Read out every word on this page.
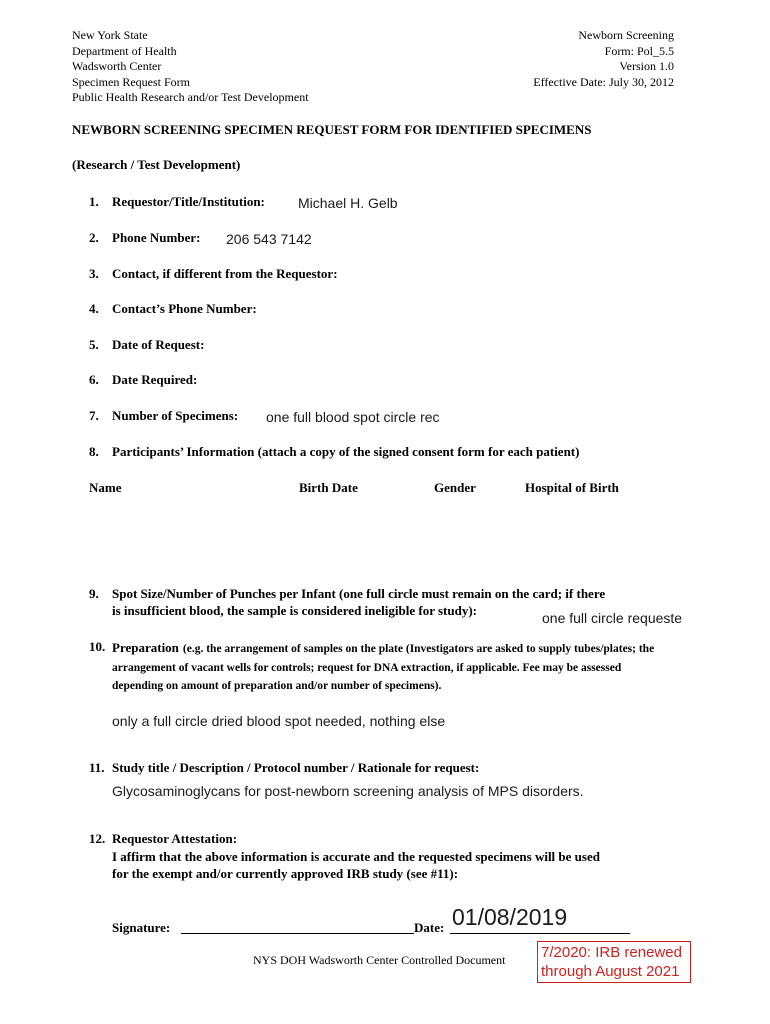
New York State
Department of Health
Wadsworth Center
Specimen Request Form
Public Health Research and/or Test Development
Newborn Screening
Form: Pol_5.5
Version 1.0
Effective Date: July 30, 2012
NEWBORN SCREENING SPECIMEN REQUEST FORM FOR IDENTIFIED SPECIMENS
(Research / Test Development)
1. Requestor/Title/Institution: Michael H. Gelb
2. Phone Number: 206 543 7142
3. Contact, if different from the Requestor:
4. Contact’s Phone Number:
5. Date of Request:
6. Date Required:
7. Number of Specimens: one full blood spot circle rec
8. Participants’ Information (attach a copy of the signed consent form for each patient)
Name	Birth Date	Gender	Hospital of Birth
9. Spot Size/Number of Punches per Infant (one full circle must remain on the card; if there
is insufficient blood, the sample is considered ineligible for study):	one full circle requeste
10. Preparation (e.g. the arrangement of samples on the plate (Investigators are asked to supply tubes/plates; the arrangement of vacant wells for controls; request for DNA extraction, if applicable. Fee may be assessed depending on amount of preparation and/or number of specimens).
only a full circle dried blood spot needed, nothing else
11. Study title / Description / Protocol number / Rationale for request:
Glycosaminoglycans for post-newborn screening analysis of MPS disorders.
12. Requestor Attestation:
I affirm that the above information is accurate and the requested specimens will be used
for the exempt and/or currently approved IRB study (see #11):
Signature:	Date: 01/08/2019
NYS DOH Wadsworth Center Controlled Document 7/2020: IRB renewed
through August 2021
